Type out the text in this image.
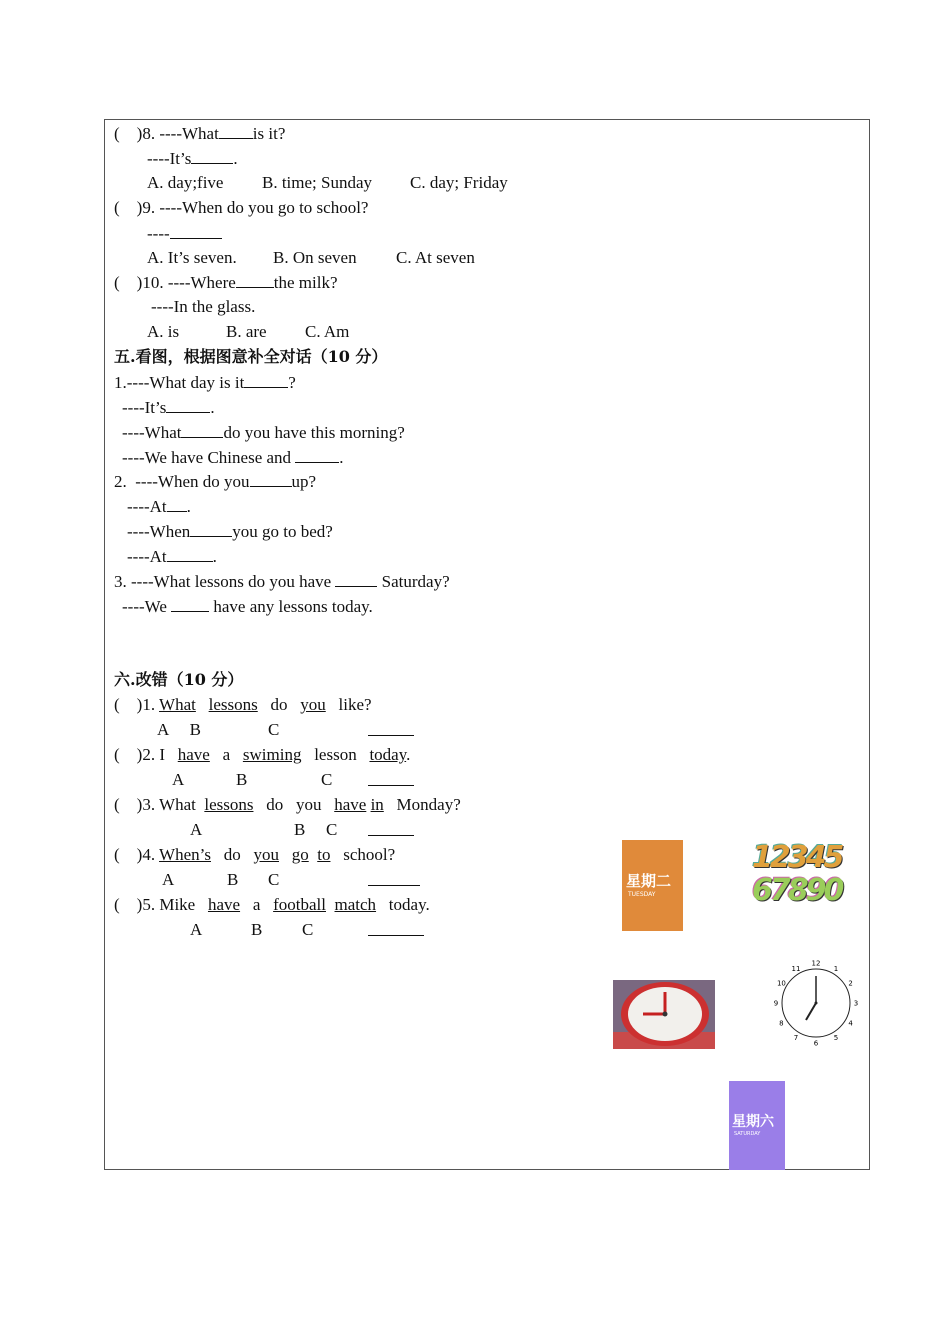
( )8. ----What is it?
----It’s .
A. day;five B. time; Sunday C. day; Friday
( )9. ----When do you go to school?
----
A. It’s seven. B. On seven C. At seven
( )10. ----Where the milk?
----In the glass.
A. is	B. are C. Am
五.看图，根据图意补全对话（10 分）
1.----What day is it	?
----It’s	.
----What do you have this morning?
----We have Chinese and	.
2.  ----When do you up?
----At .
----When you go to bed?
----At	.
3. ----What lessons do you have	Saturday?
----We	have any lessons today.
六.改错（10 分）
( )1. What lessons do you like?
A B	C
( )2. I have a swiming lesson today.
A	B	C
( )3. What lessons do you have in Monday?
A	B C
( )4. When’s do you go to school?
A	B C
( )5. Mike have a football match today.
A	B C
星期二
TUESDAY
12345
67890
12
1
2
3
4
5
6
7
8
9
10
11
星期六
SATURDAY
